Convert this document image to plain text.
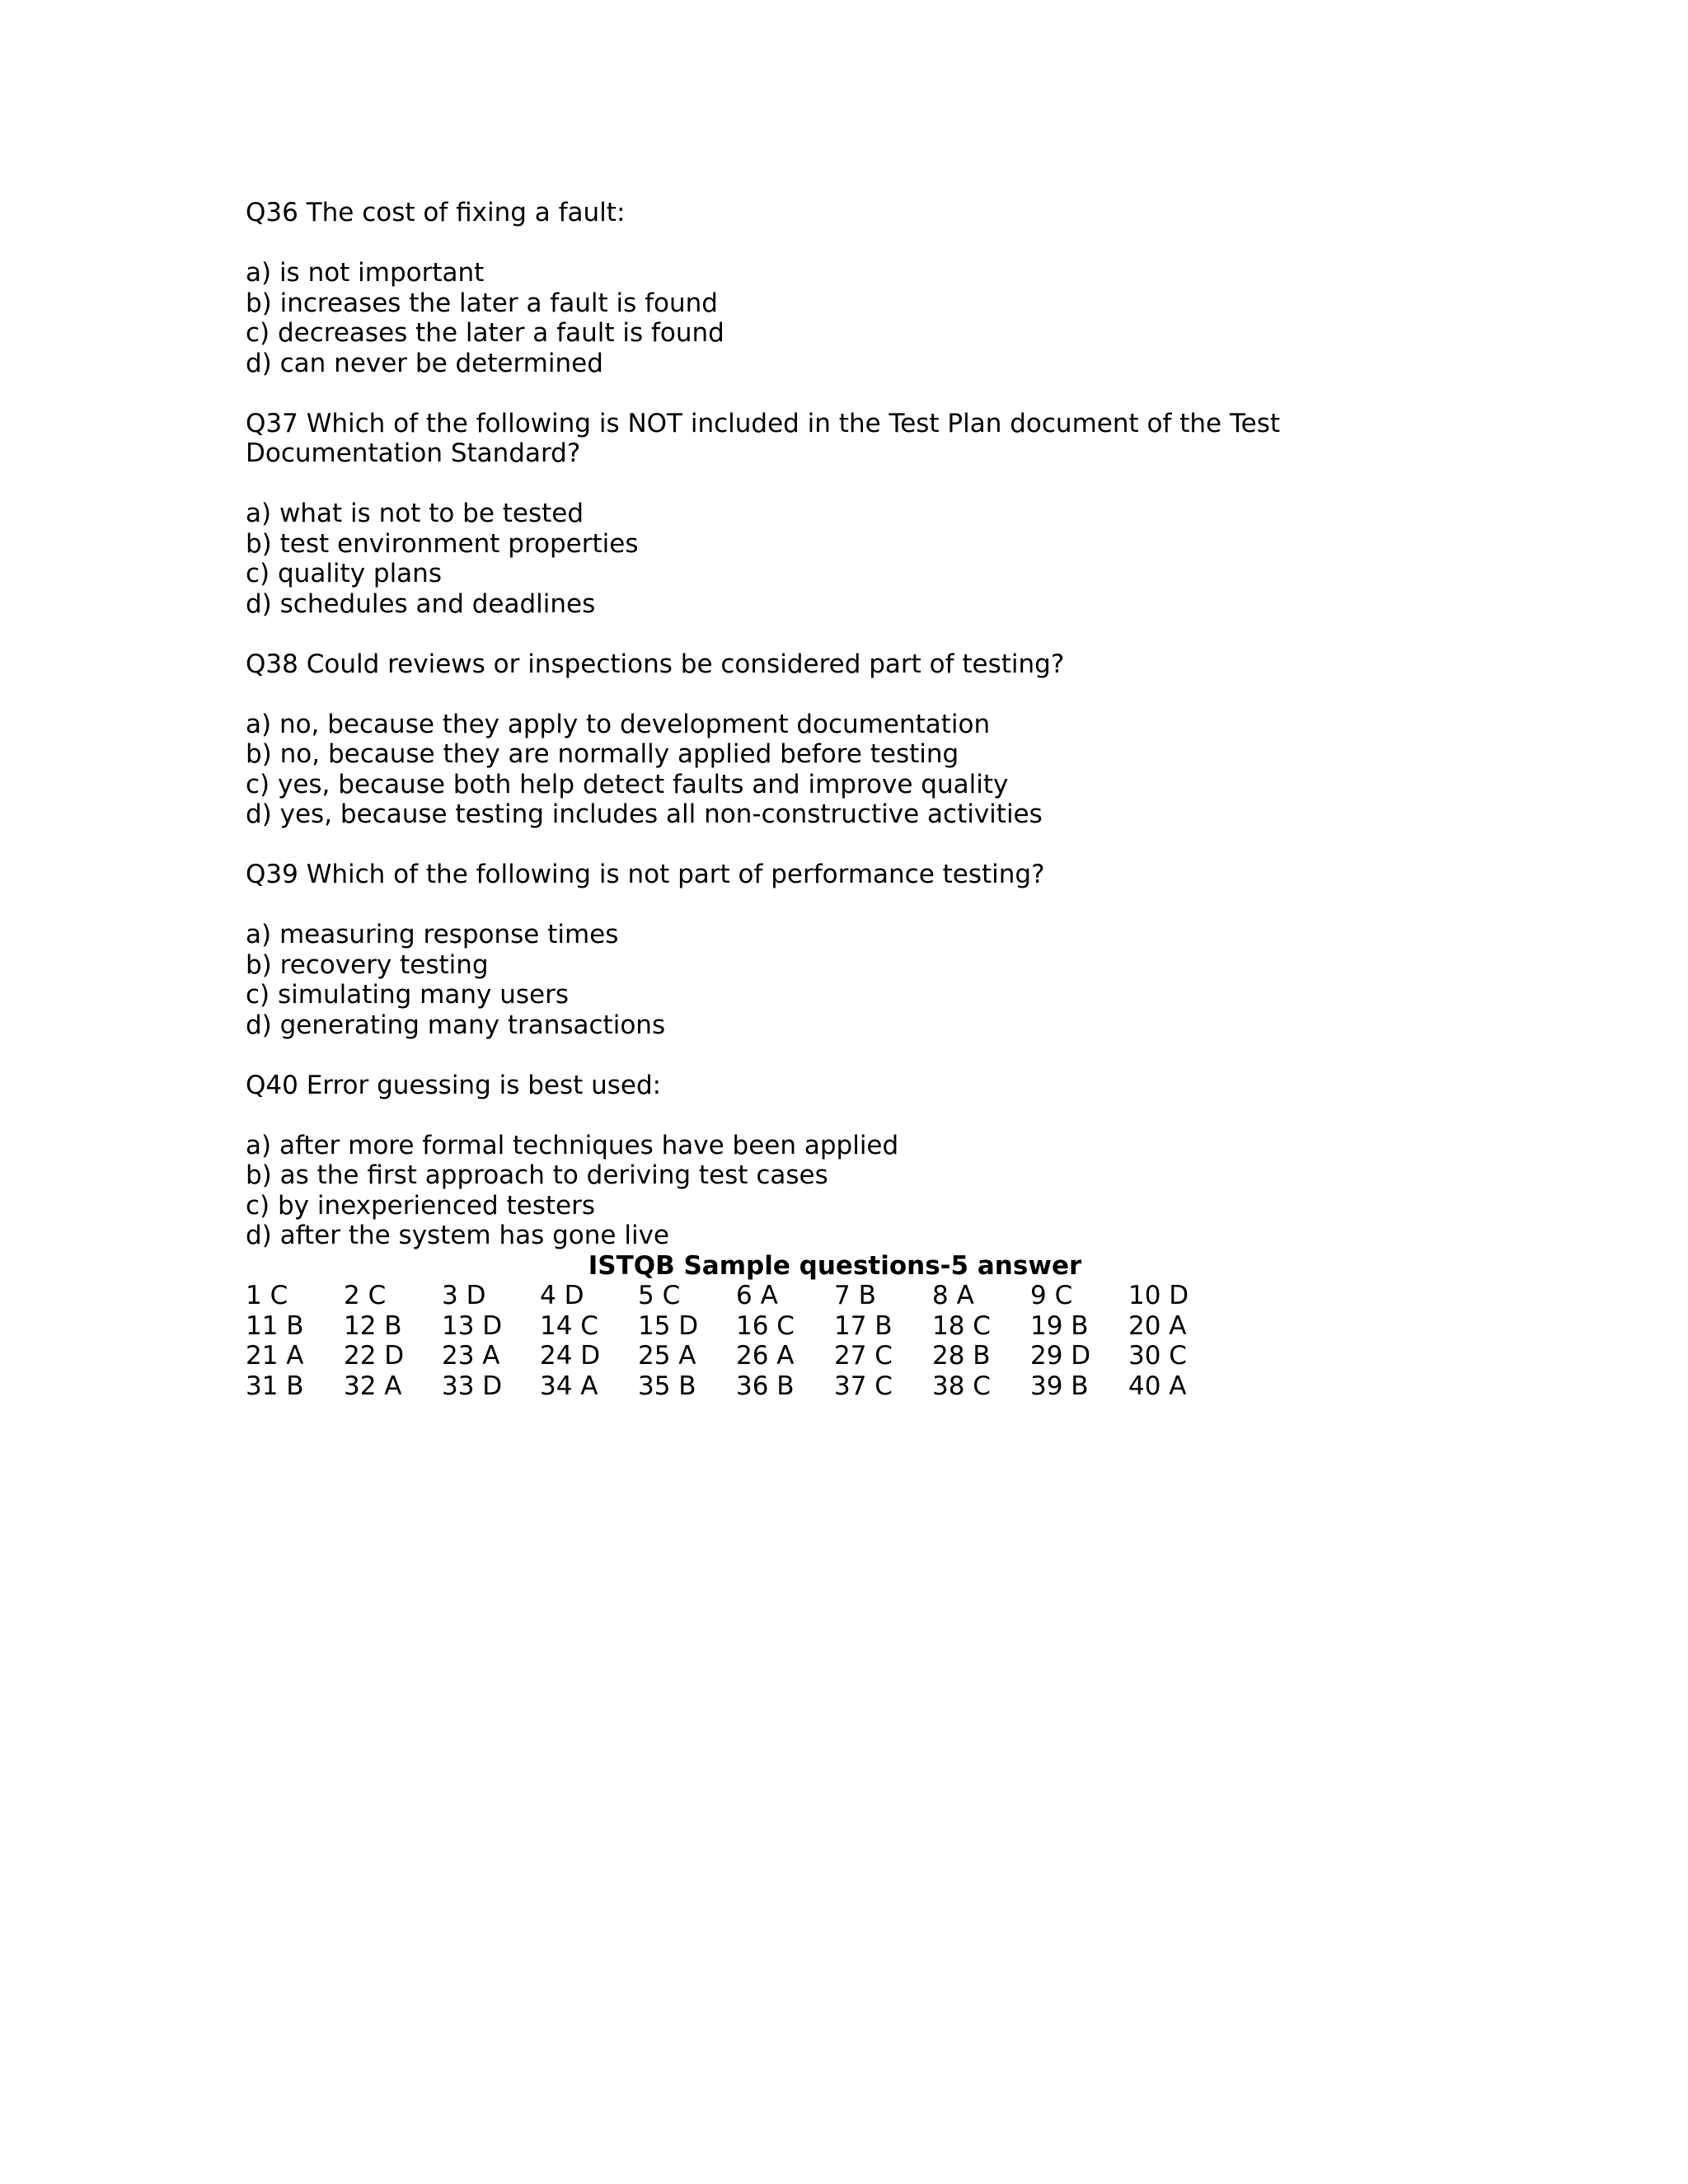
Q36 The cost of fixing a fault:
a) is not important
b) increases the later a fault is found
c) decreases the later a fault is found
d) can never be determined
Q37 Which of the following is NOT included in the Test Plan document of the Test
Documentation Standard?
a) what is not to be tested
b) test environment properties
c) quality plans
d) schedules and deadlines
Q38 Could reviews or inspections be considered part of testing?
a) no, because they apply to development documentation
b) no, because they are normally applied before testing
c) yes, because both help detect faults and improve quality
d) yes, because testing includes all non-constructive activities
Q39 Which of the following is not part of performance testing?
a) measuring response times
b) recovery testing
c) simulating many users
d) generating many transactions
Q40 Error guessing is best used:
a) after more formal techniques have been applied
b) as the first approach to deriving test cases
c) by inexperienced testers
d) after the system has gone live
ISTQB Sample questions-5 answer
1 C	2 C	3 D	4 D	5 C	6 A	7 B	8 A	9 C	10 D
11 B	12 B	13 D	14 C	15 D	16 C	17 B	18 C	19 B	20 A
21 A	22 D	23 A	24 D	25 A	26 A	27 C	28 B	29 D	30 C
31 B	32 A	33 D	34 A	35 B	36 B	37 C	38 C	39 B	40 A
